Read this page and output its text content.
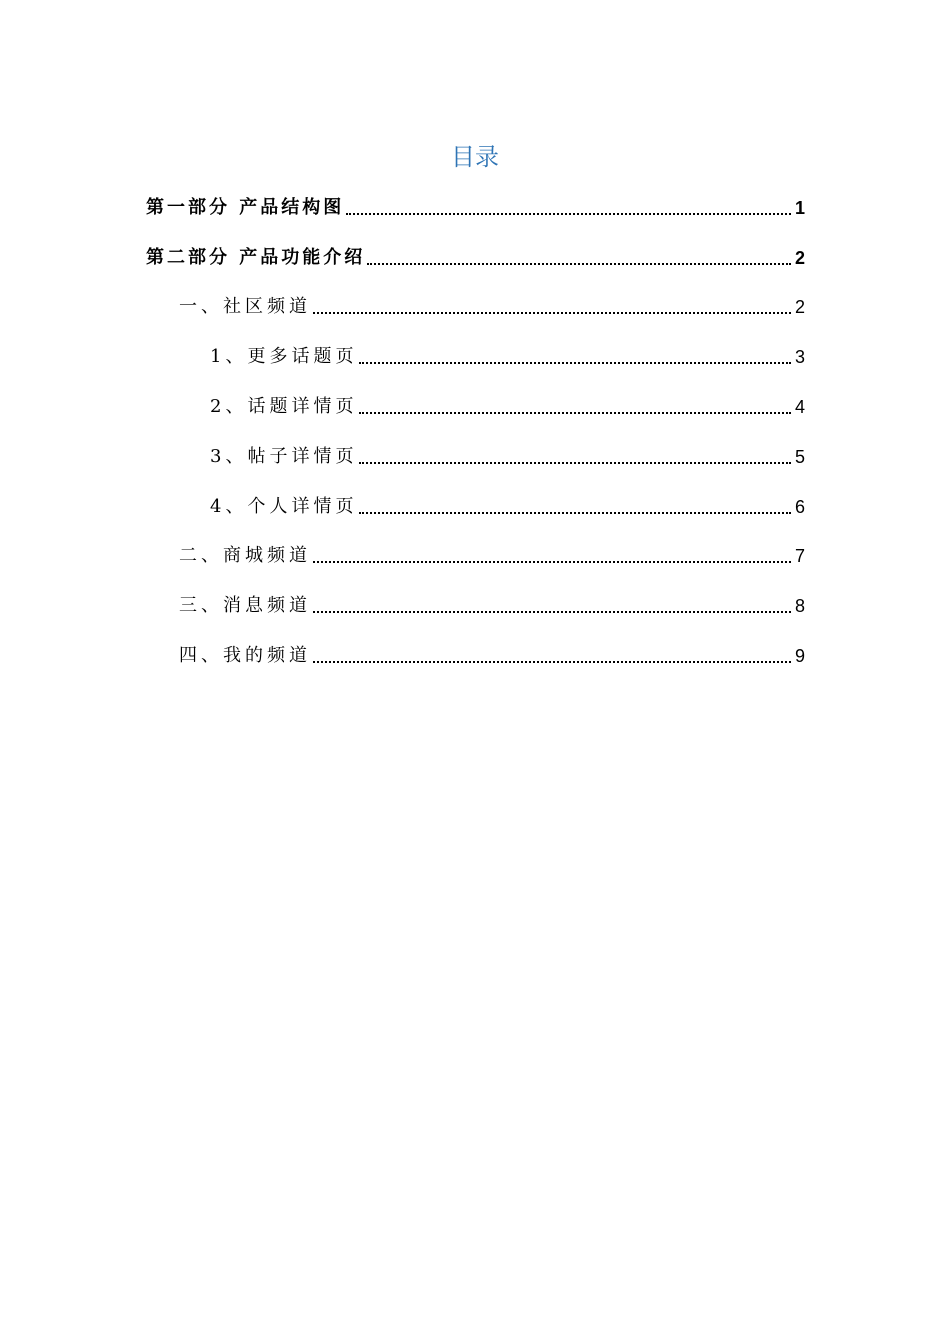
目录
第一部分 产品结构图	1
第二部分 产品功能介绍	2
一、社区频道	2
1、更多话题页	3
2、话题详情页	4
3、帖子详情页	5
4、个人详情页	6
二、商城频道	7
三、消息频道	8
四、我的频道	9
